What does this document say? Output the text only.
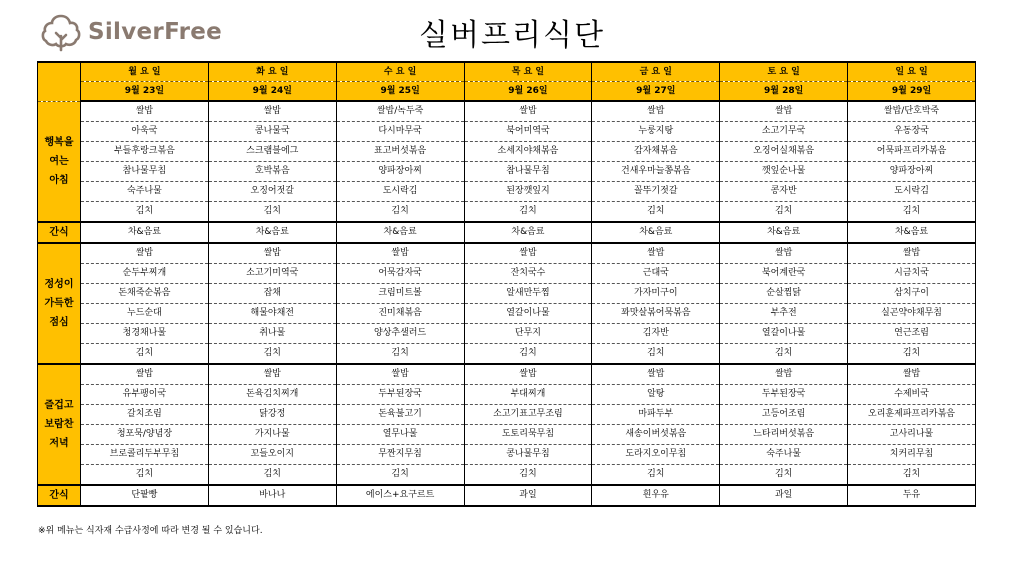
SilverFree	실버프리식단
	월 요 일	화 요 일	수 요 일	목 요 일	금 요 일	토 요 일	일 요 일
	9월 23일	9월 24일	9월 25일	9월 26일	9월 27일	9월 28일	9월 29일

행복을
여는
아침	쌀밥	쌀밥	쌀밥/녹두죽	쌀밥	쌀밥	쌀밥	쌀밥/단호박죽
	아욱국	콩나물국	다시마무국	북어미역국	누룽지탕	소고기무국	우동장국
	부들후랑크볶음	스크램블에그	표고버섯볶음	소세지야채볶음	감자채볶음	오징어실채볶음	어묵파프리카볶음
	참나물무침	호박볶음	양파장아찌	참나물무침	건새우마늘쫑볶음	깻잎순나물	양파장아찌
	숙주나물	오징어젓갈	도시락김	된장깻잎지	꼴뚜기젓갈	콩자반	도시락김
	김치	김치	김치	김치	김치	김치	김치
간식	차&음료	차&음료	차&음료	차&음료	차&음료	차&음료	차&음료

정성이
가득한
점심	쌀밥	쌀밥	쌀밥	쌀밥	쌀밥	쌀밥	쌀밥
	순두부찌개	소고기미역국	어묵감자국	잔치국수	근대국	북어계란국	시금치국
	돈채죽순볶음	잡채	크림미트볼	알새만두찜	가자미구이	순살찜닭	삼치구이
	누드순대	해물야채전	진미채볶음	열갈이나물	꽈맛살볶어묵볶음	부추전	실곤약야채무침
	청경채나물	취나물	양상추샐러드	단무지	김자반	열갈이나물	연근조림
	김치	김치	김치	김치	김치	김치	김치

즐겁고
보람찬
저녁	쌀밥	쌀밥	쌀밥	쌀밥	쌀밥	쌀밥	쌀밥
	유부팽이국	돈육김치찌개	두부된장국	부대찌개	알탕	두부된장국	수제비국
	갈치조림	닭강정	돈육불고기	소고기표고무조림	마파두부	고등어조림	오리훈제파프리카볶음
	청포묵/양념장	가지나물	열무나물	도토리묵무침	새송이버섯볶음	느타리버섯볶음	고사리나물
	브로콜리두부무침	꼬들오이지	무짠지무침	콩나물무침	도라지오이무침	숙주나물	치커리무침
	김치	김치	김치	김치	김치	김치	김치
간식	단팥빵	바나나	에이스+요구르트	과일	흰우유	과일	두유
※위 메뉴는 식자재 수급사정에 따라 변경 될 수 있습니다.
